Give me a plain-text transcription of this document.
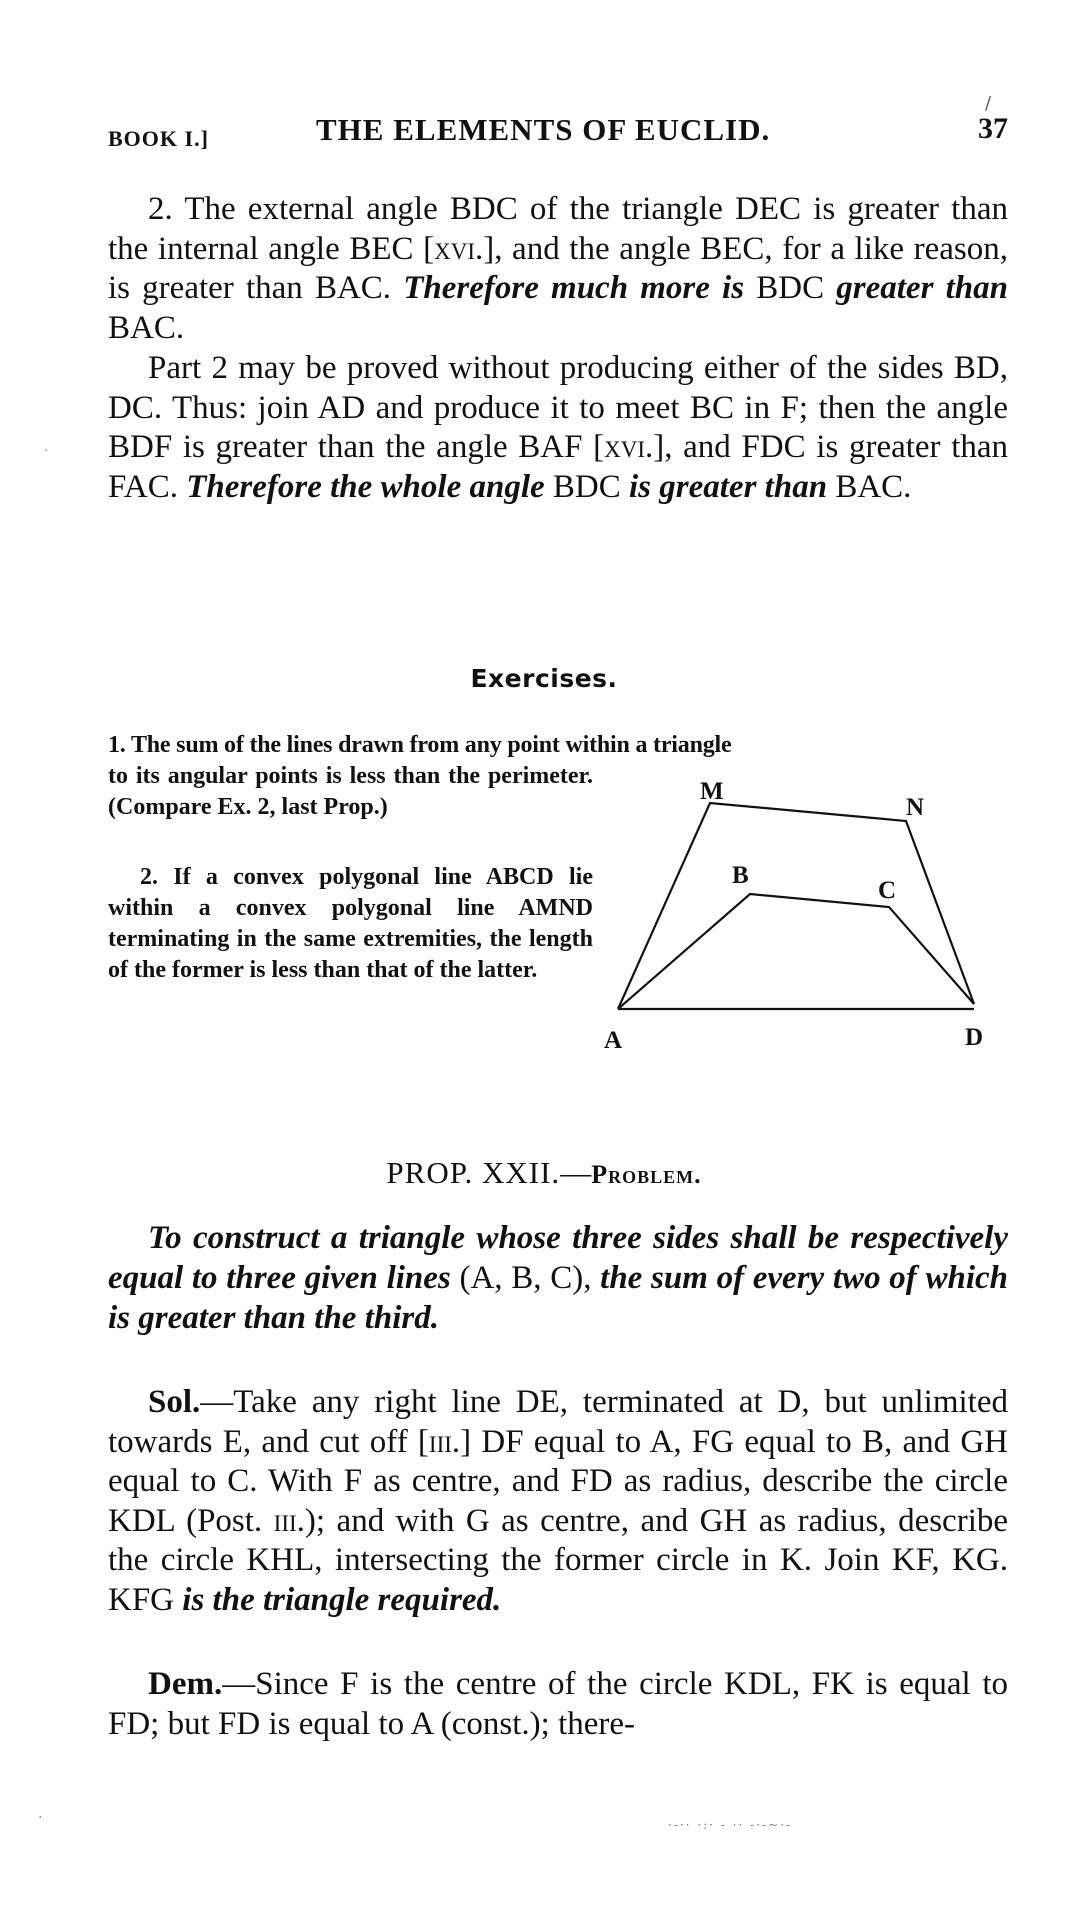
/
BOOK I.]	THE ELEMENTS OF EUCLID.	37

2. The external angle BDC of the triangle DEC is greater than the internal angle BEC [xvi.], and the angle BEC, for a like reason, is greater than BAC. Therefore much more is BDC greater than BAC.

Part 2 may be proved without producing either of the sides BD, DC. Thus: join AD and produce it to meet BC in F; then the angle BDF is greater than the angle BAF [xvi.], and FDC is greater than FAC. Therefore the whole angle BDC is greater than BAC.

Exercises.
1. The sum of the lines drawn from any point within a triangle

to its angular points is less than the perimeter. (Compare Ex. 2, last Prop.)

2. If a convex polygonal line ABCD lie within a convex polygonal line AMND terminating in the same extremities, the length of the former is less than that of the latter.

A
B
C
D
M
N
PROP. XXII.—Problem.

To construct a triangle whose three sides shall be respectively equal to three given lines (A, B, C), the sum of every two of which is greater than the third.

Sol.—Take any right line DE, terminated at D, but unlimited towards E, and cut off [iii.] DF equal to A, FG equal to B, and GH equal to C. With F as centre, and FD as radius, describe the circle KDL (Post. iii.); and with G as centre, and GH as radius, describe the circle KHL, intersecting the former circle in K. Join KF, KG. KFG is the triangle required.

Dem.—Since F is the centre of the circle KDL, FK is equal to FD; but FD is equal to A (const.); there-

·-·· ·:· - ·· -·-~·-
·
·
